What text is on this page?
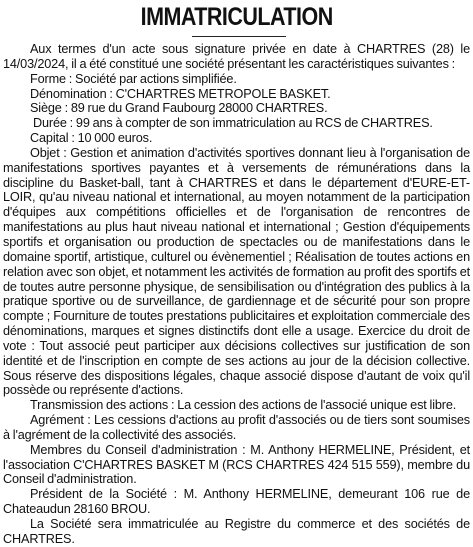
IMMATRICULATION

Aux termes d'un acte sous signature privée en date à CHARTRES (28) le 14/03/2024, il a été constitué une société présentant les caractéristiques suivantes :

Forme : Société par actions simplifiée.

Dénomination : C'CHARTRES METROPOLE BASKET.

Siège : 89 rue du Grand Faubourg 28000 CHARTRES.

Durée : 99 ans à compter de son immatriculation au RCS de CHARTRES.

Capital : 10 000 euros.

Objet : Gestion et animation d'activités sportives donnant lieu à l'organisation de manifestations sportives payantes et à versements de rémunérations dans la discipline du Basket-ball, tant à CHARTRES et dans le département d'EURE-ET-LOIR, qu'au niveau national et international, au moyen notamment de la participation d'équipes aux compétitions officielles et de l'organisation de rencontres de manifestations au plus haut niveau national et international ; Gestion d'équipements sportifs et organisation ou production de spectacles ou de manifestations dans le domaine sportif, artistique, culturel ou évènementiel ; Réalisation de toutes actions en relation avec son objet, et notamment les activités de formation au profit des sportifs et de toutes autre personne physique, de sensibilisation ou d'intégration des publics à la pratique sportive ou de surveillance, de gardiennage et de sécurité pour son propre compte ; Fourniture de toutes prestations publicitaires et exploitation commerciale des dénominations, marques et signes distinctifs dont elle a usage. Exercice du droit de vote : Tout associé peut participer aux décisions collectives sur justification de son identité et de l'inscription en compte de ses actions au jour de la décision collective. Sous réserve des dispositions légales, chaque associé dispose d'autant de voix qu'il possède ou représente d'actions.

Transmission des actions : La cession des actions de l'associé unique est libre.

Agrément : Les cessions d'actions au profit d'associés ou de tiers sont soumises à l'agrément de la collectivité des associés.

Membres du Conseil d'administration : M. Anthony HERMELINE, Président, et l'association C'CHARTRES BASKET M (RCS CHARTRES 424 515 559), membre du Conseil d'administration.

Président de la Société : M. Anthony HERMELINE, demeurant 106 rue de Chateaudun 28160 BROU.

La Société sera immatriculée au Registre du commerce et des sociétés de CHARTRES.
